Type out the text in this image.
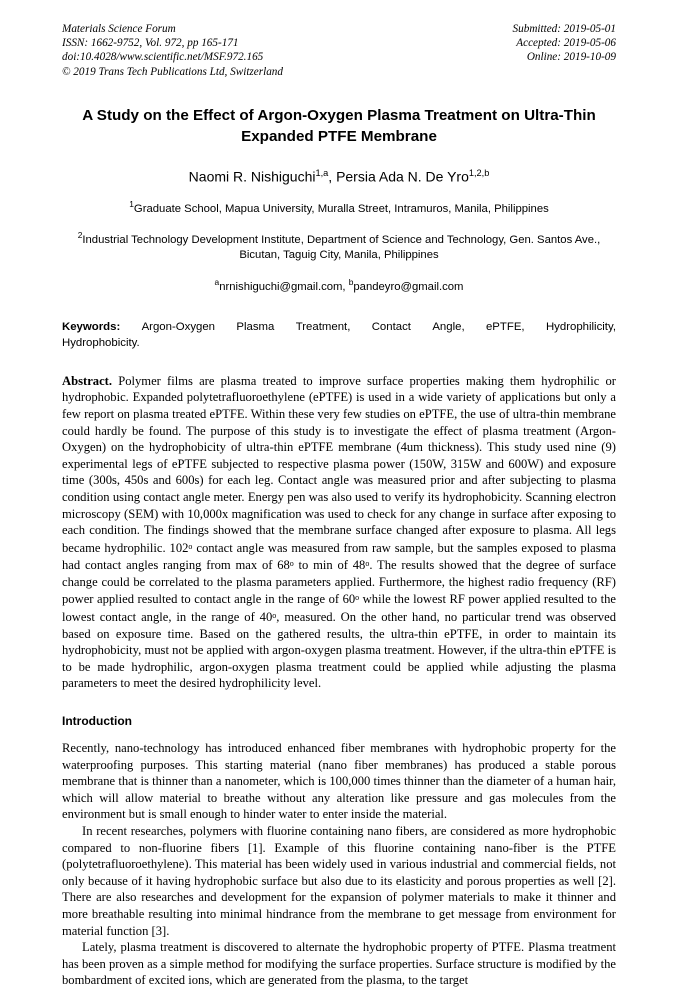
Materials Science Forum
ISSN: 1662-9752, Vol. 972, pp 165-171
doi:10.4028/www.scientific.net/MSF.972.165
© 2019 Trans Tech Publications Ltd, Switzerland
Submitted: 2019-05-01
Accepted: 2019-05-06
Online: 2019-10-09
A Study on the Effect of Argon-Oxygen Plasma Treatment on Ultra-Thin Expanded PTFE Membrane
Naomi R. Nishiguchi$^{1,a}$, Persia Ada N. De Yro$^{1,2,b}$
$^1$Graduate School, Mapua University, Muralla Street, Intramuros, Manila, Philippines
$^2$Industrial Technology Development Institute, Department of Science and Technology, Gen. Santos Ave., Bicutan, Taguig City, Manila, Philippines
$^a$nrnishiguchi@gmail.com, $^b$pandeyro@gmail.com
Keywords: Argon-Oxygen Plasma Treatment, Contact Angle, ePTFE, Hydrophilicity,
Hydrophobicity.
Abstract. Polymer films are plasma treated to improve surface properties making them hydrophilic or hydrophobic. Expanded polytetrafluoroethylene (ePTFE) is used in a wide variety of applications but only a few report on plasma treated ePTFE. Within these very few studies on ePTFE, the use of ultra-thin membrane could hardly be found. The purpose of this study is to investigate the effect of plasma treatment (Argon-Oxygen) on the hydrophobicity of ultra-thin ePTFE membrane (4um thickness). This study used nine (9) experimental legs of ePTFE subjected to respective plasma power (150W, 315W and 600W) and exposure time (300s, 450s and 600s) for each leg. Contact angle was measured prior and after subjecting to plasma condition using contact angle meter. Energy pen was also used to verify its hydrophobicity. Scanning electron microscopy (SEM) with 10,000x magnification was used to check for any change in surface after exposing to each condition. The findings showed that the membrane surface changed after exposure to plasma. All legs became hydrophilic. 102$^o$ contact angle was measured from raw sample, but the samples exposed to plasma had contact angles ranging from max of 68$^o$ to min of 48$^o$. The results showed that the degree of surface change could be correlated to the plasma parameters applied. Furthermore, the highest radio frequency (RF) power applied resulted to contact angle in the range of 60$^o$ while the lowest RF power applied resulted to the lowest contact angle, in the range of 40$^o$, measured. On the other hand, no particular trend was observed based on exposure time. Based on the gathered results, the ultra-thin ePTFE, in order to maintain its hydrophobicity, must not be applied with argon-oxygen plasma treatment. However, if the ultra-thin ePTFE is to be made hydrophilic, argon-oxygen plasma treatment could be applied while adjusting the plasma parameters to meet the desired hydrophilicity level.
Introduction
Recently, nano-technology has introduced enhanced fiber membranes with hydrophobic property for the waterproofing purposes. This starting material (nano fiber membranes) has produced a stable porous membrane that is thinner than a nanometer, which is 100,000 times thinner than the diameter of a human hair, which will allow material to breathe without any alteration like pressure and gas molecules from the environment but is small enough to hinder water to enter inside the material.
In recent researches, polymers with fluorine containing nano fibers, are considered as more hydrophobic compared to non-fluorine fibers [1]. Example of this fluorine containing nano-fiber is the PTFE (polytetrafluoroethylene). This material has been widely used in various industrial and commercial fields, not only because of it having hydrophobic surface but also due to its elasticity and porous properties as well [2]. There are also researches and development for the expansion of polymer materials to make it thinner and more breathable resulting into minimal hindrance from the membrane to get message from environment for material function [3].
Lately, plasma treatment is discovered to alternate the hydrophobic property of PTFE. Plasma treatment has been proven as a simple method for modifying the surface properties. Surface structure is modified by the bombardment of excited ions, which are generated from the plasma, to the target
